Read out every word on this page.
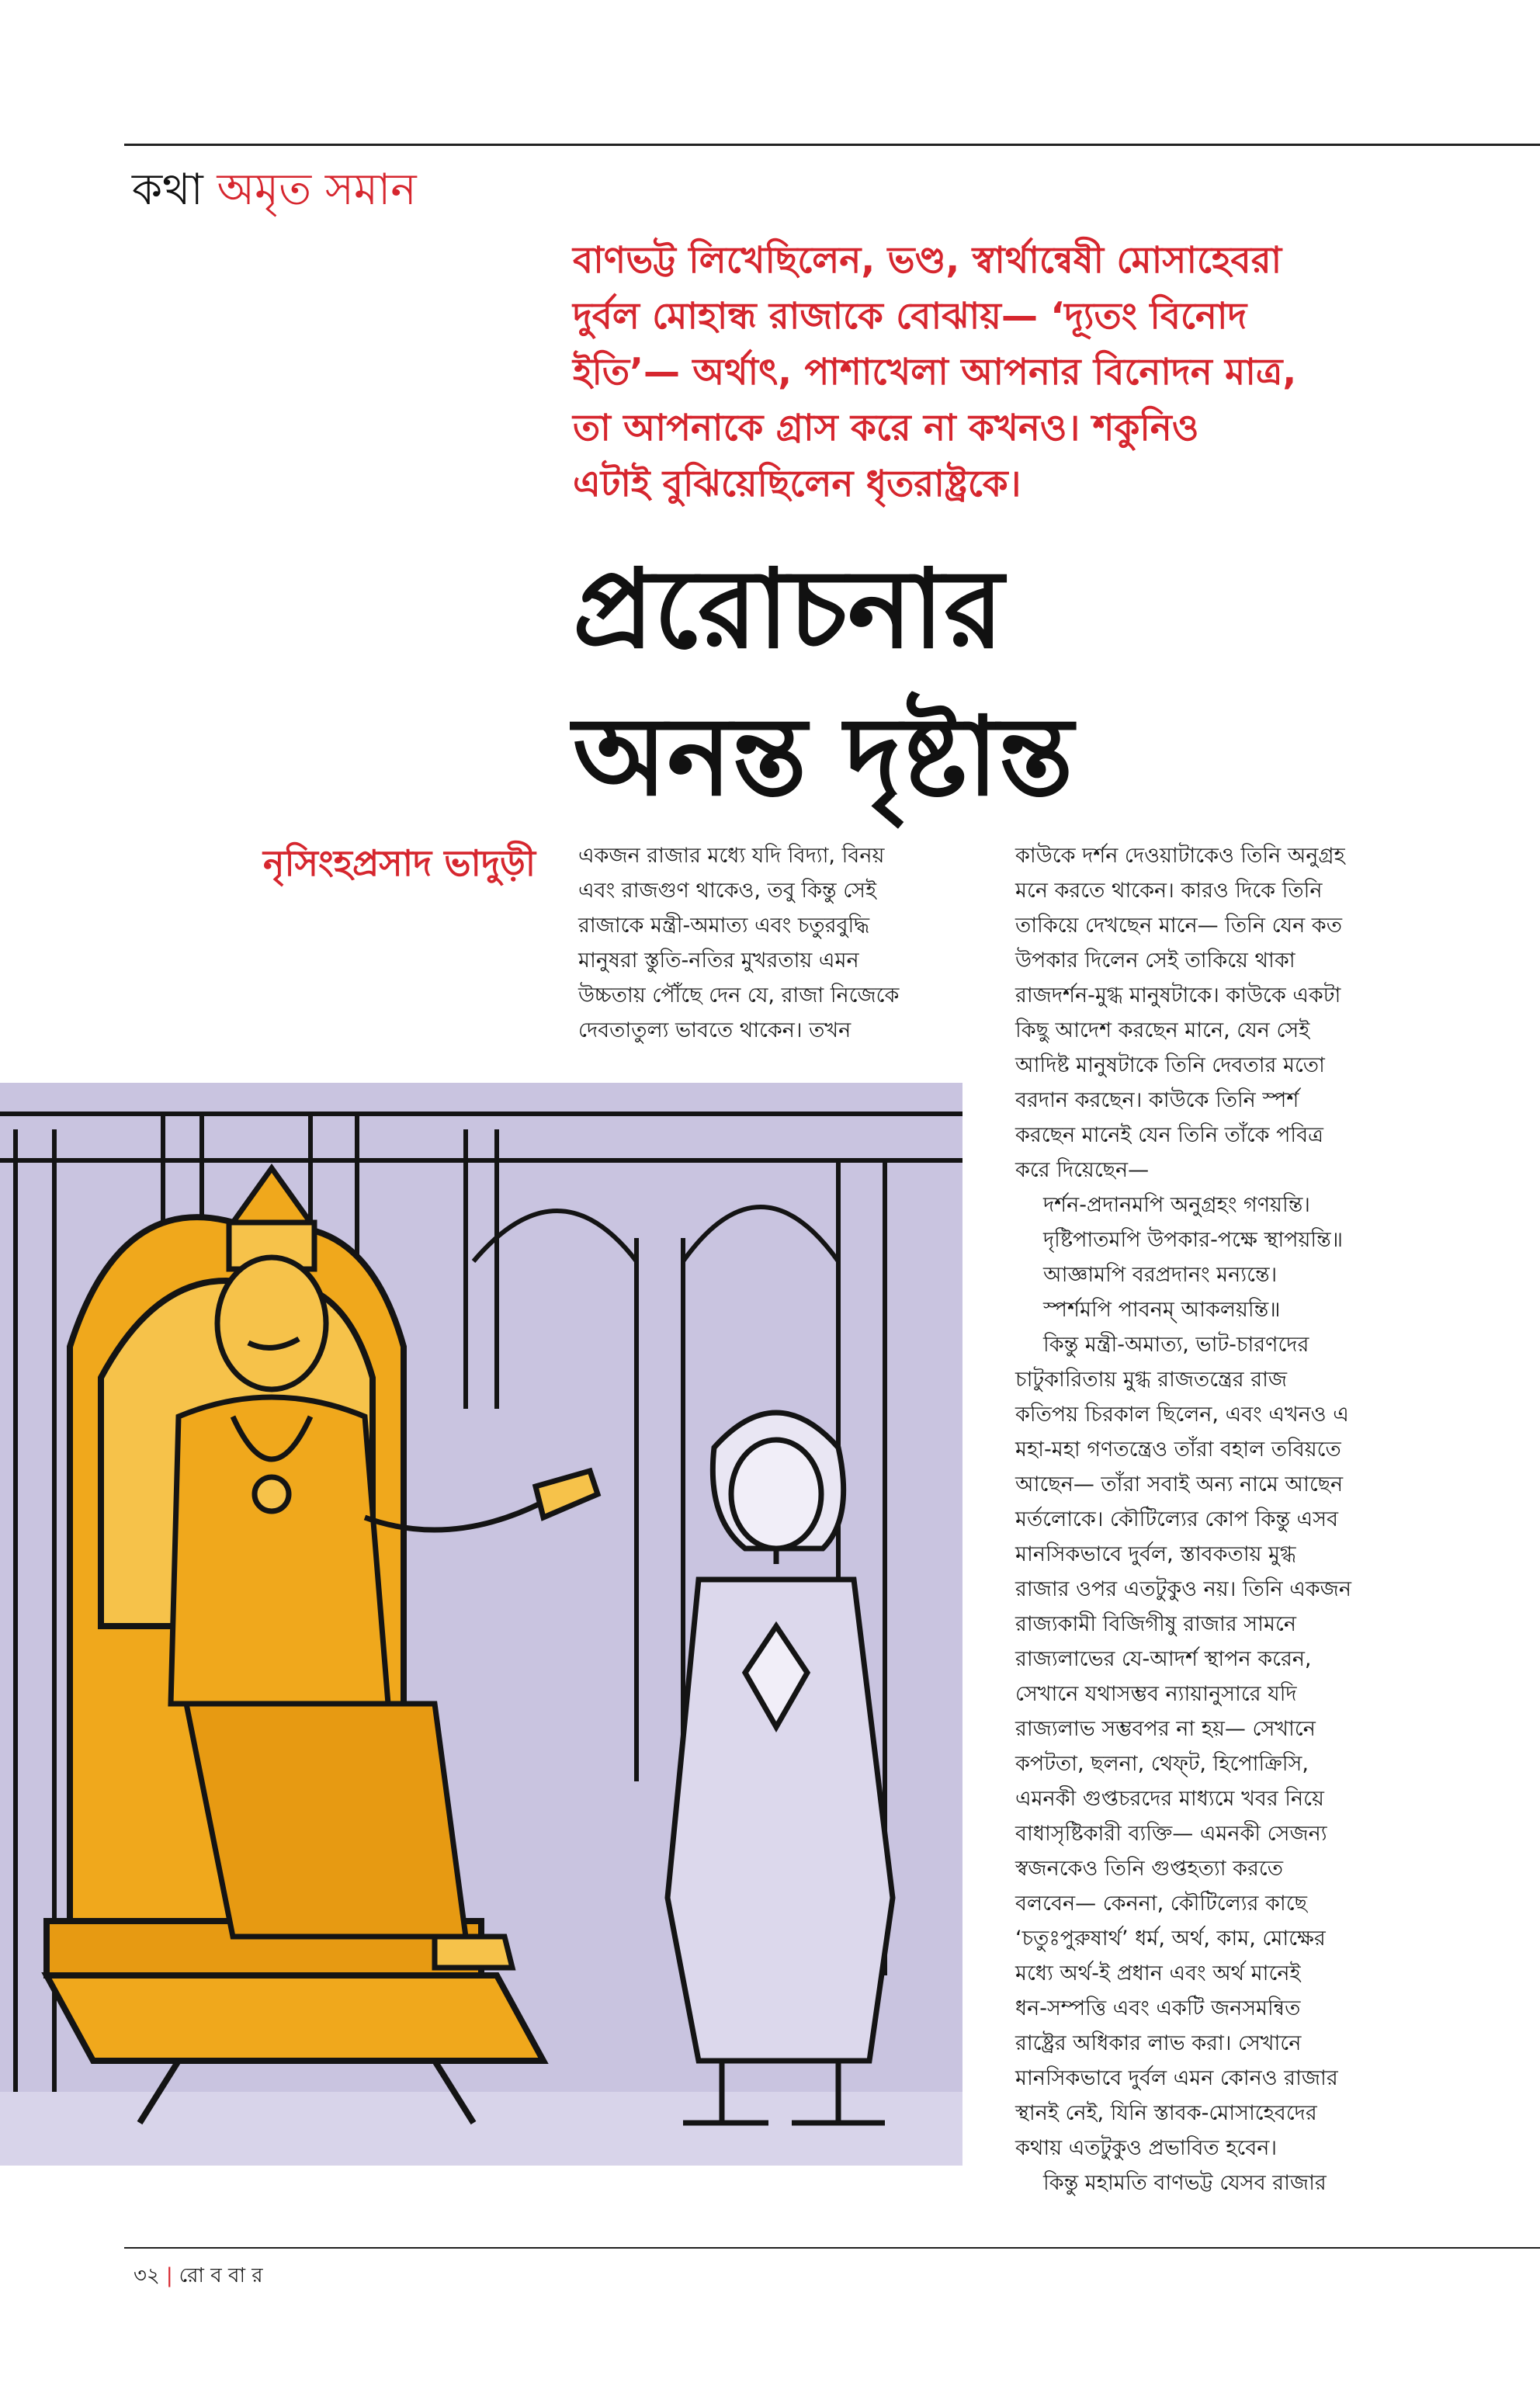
কথা অমৃত সমান

বাণভট্ট লিখেছিলেন, ভণ্ড, স্বার্থান্বেষী মোসাহেবরা

দুর্বল মোহান্ধ রাজাকে বোঝায়— ‘দ্যূতং বিনোদ

ইতি’— অর্থাৎ, পাশাখেলা আপনার বিনোদন মাত্র,

তা আপনাকে গ্রাস করে না কখনও। শকুনিও

এটাই বুঝিয়েছিলেন ধৃতরাষ্ট্রকে।

প্ররোচনার

অনন্ত দৃষ্টান্ত

নৃসিংহপ্রসাদ ভাদুড়ী একজন রাজার মধ্যে যদি বিদ্যা, বিনয়

এবং রাজগুণ থাকেও, তবু কিন্তু সেই

রাজাকে মন্ত্রী-অমাত্য এবং চতুরবুদ্ধি

মানুষরা স্তুতি-নতির মুখরতায় এমন

উচ্চতায় পৌঁছে দেন যে, রাজা নিজেকে

দেবতাতুল্য ভাবতে থাকেন। তখন

কাউকে দর্শন দেওয়াটাকেও তিনি অনুগ্রহ

মনে করতে থাকেন। কারও দিকে তিনি

তাকিয়ে দেখছেন মানে— তিনি যেন কত

উপকার দিলেন সেই তাকিয়ে থাকা

রাজদর্শন-মুগ্ধ মানুষটাকে। কাউকে একটা

কিছু আদেশ করছেন মানে, যেন সেই

আদিষ্ট মানুষটাকে তিনি দেবতার মতো

বরদান করছেন। কাউকে তিনি স্পর্শ

করছেন মানেই যেন তিনি তাঁকে পবিত্র

করে দিয়েছেন—

দর্শন-প্রদানমপি অনুগ্রহং গণয়ন্তি।

দৃষ্টিপাতমপি উপকার-পক্ষে স্থাপয়ন্তি॥

আজ্ঞামপি বরপ্রদানং মন্যন্তে।

স্পর্শমপি পাবনম্ আকলয়ন্তি॥

কিন্তু মন্ত্রী-অমাত্য, ভাট-চারণদের

চাটুকারিতায় মুগ্ধ রাজতন্ত্রের রাজ

কতিপয় চিরকাল ছিলেন, এবং এখনও এ

মহা-মহা গণতন্ত্রেও তাঁরা বহাল তবিয়তে

আছেন— তাঁরা সবাই অন্য নামে আছেন

মর্তলোকে। কৌটিল্যের কোপ কিন্তু এসব

মানসিকভাবে দুর্বল, স্তাবকতায় মুগ্ধ

রাজার ওপর এতটুকুও নয়। তিনি একজন

রাজ্যকামী বিজিগীষু রাজার সামনে

রাজ্যলাভের যে-আদর্শ স্থাপন করেন,

সেখানে যথাসম্ভব ন্যায়ানুসারে যদি

রাজ্যলাভ সম্ভবপর না হয়— সেখানে

কপটতা, ছলনা, থেফ্‌ট, হিপোক্রিসি,

এমনকী গুপ্তচরদের মাধ্যমে খবর নিয়ে

বাধাসৃষ্টিকারী ব্যক্তি— এমনকী সেজন্য

স্বজনকেও তিনি গুপ্তহত্যা করতে

বলবেন— কেননা, কৌটিল্যের কাছে

‘চতুঃপুরুষার্থ’ ধর্ম, অর্থ, কাম, মোক্ষের

মধ্যে অর্থ-ই প্রধান এবং অর্থ মানেই

ধন-সম্পত্তি এবং একটি জনসমন্বিত

রাষ্ট্রের অধিকার লাভ করা। সেখানে

মানসিকভাবে দুর্বল এমন কোনও রাজার

স্থানই নেই, যিনি স্তাবক-মোসাহেবদের

কথায় এতটুকুও প্রভাবিত হবেন।

কিন্তু মহামতি বাণভট্ট যেসব রাজার

৩২ | রো ব বা র
